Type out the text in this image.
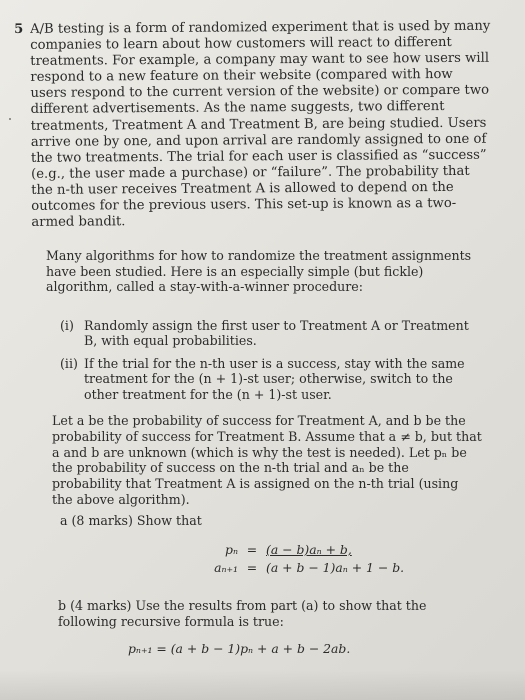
5 A/B testing is a form of randomized experiment that is used by many companies to learn about how customers will react to different treatments. For example, a company may want to see how users will respond to a new feature on their website (compared with how users respond to the current version of the website) or compare two different advertisements. As the name suggests, two different treatments, Treatment A and Treatment B, are being studied. Users arrive one by one, and upon arrival are randomly assigned to one of the two treatments. The trial for each user is classified as “success” (e.g., the user made a purchase) or “failure”. The probability that the n-th user receives Treatment A is allowed to depend on the outcomes for the previous users. This set-up is known as a two-armed bandit.
Many algorithms for how to randomize the treatment assignments have been studied. Here is an especially simple (but fickle) algorithm, called a stay-with-a-winner procedure:
(i) Randomly assign the first user to Treatment A or Treatment B, with equal probabilities.
(ii) If the trial for the n-th user is a success, stay with the same treatment for the (n + 1)-st user; otherwise, switch to the other treatment for the (n + 1)-st user.
Let a be the probability of success for Treatment A, and b be the probability of success for Treatment B. Assume that a ≠ b, but that a and b are unknown (which is why the test is needed). Let pₙ be the probability of success on the n-th trial and aₙ be the probability that Treatment A is assigned on the n-th trial (using the above algorithm).
a (8 marks) Show that
pₙ = (a − b)aₙ + b,
aₙ₊₁ = (a + b − 1)aₙ + 1 − b.
b (4 marks) Use the results from part (a) to show that the following recursive formula is true:
pₙ₊₁ = (a + b − 1)pₙ + a + b − 2ab.
